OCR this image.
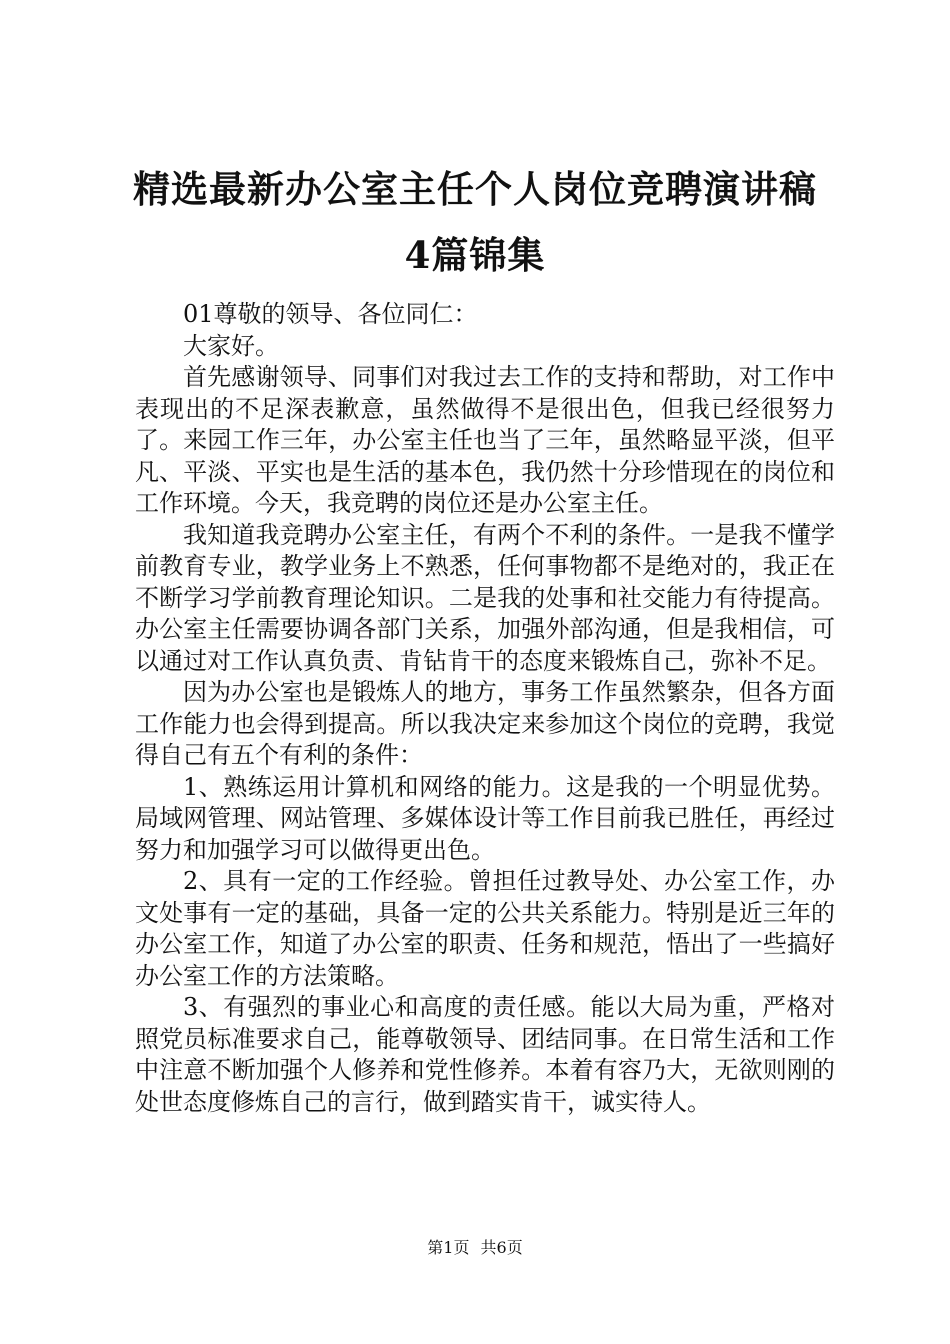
精选最新办公室主任个人岗位竞聘演讲稿4篇锦集

01尊敬的领导、各位同仁：

大家好。

首先感谢领导、同事们对我过去工作的支持和帮助，对工作中表现出的不足深表歉意，虽然做得不是很出色，但我已经很努力了。来园工作三年，办公室主任也当了三年，虽然略显平淡，但平凡、平淡、平实也是生活的基本色，我仍然十分珍惜现在的岗位和工作环境。今天，我竞聘的岗位还是办公室主任。

我知道我竞聘办公室主任，有两个不利的条件。一是我不懂学前教育专业，教学业务上不熟悉，任何事物都不是绝对的，我正在不断学习学前教育理论知识。二是我的处事和社交能力有待提高。办公室主任需要协调各部门关系，加强外部沟通，但是我相信，可以通过对工作认真负责、肯钻肯干的态度来锻炼自己，弥补不足。

因为办公室也是锻炼人的地方，事务工作虽然繁杂，但各方面工作能力也会得到提高。所以我决定来参加这个岗位的竞聘，我觉得自己有五个有利的条件：

1、熟练运用计算机和网络的能力。这是我的一个明显优势。局域网管理、网站管理、多媒体设计等工作目前我已胜任，再经过努力和加强学习可以做得更出色。

2、具有一定的工作经验。曾担任过教导处、办公室工作，办文处事有一定的基础，具备一定的公共关系能力。特别是近三年的办公室工作，知道了办公室的职责、任务和规范，悟出了一些搞好办公室工作的方法策略。

3、有强烈的事业心和高度的责任感。能以大局为重，严格对照党员标准要求自己，能尊敬领导、团结同事。在日常生活和工作中注意不断加强个人修养和党性修养。本着有容乃大，无欲则刚的处世态度修炼自己的言行，做到踏实肯干，诚实待人。

第1页 共6页
